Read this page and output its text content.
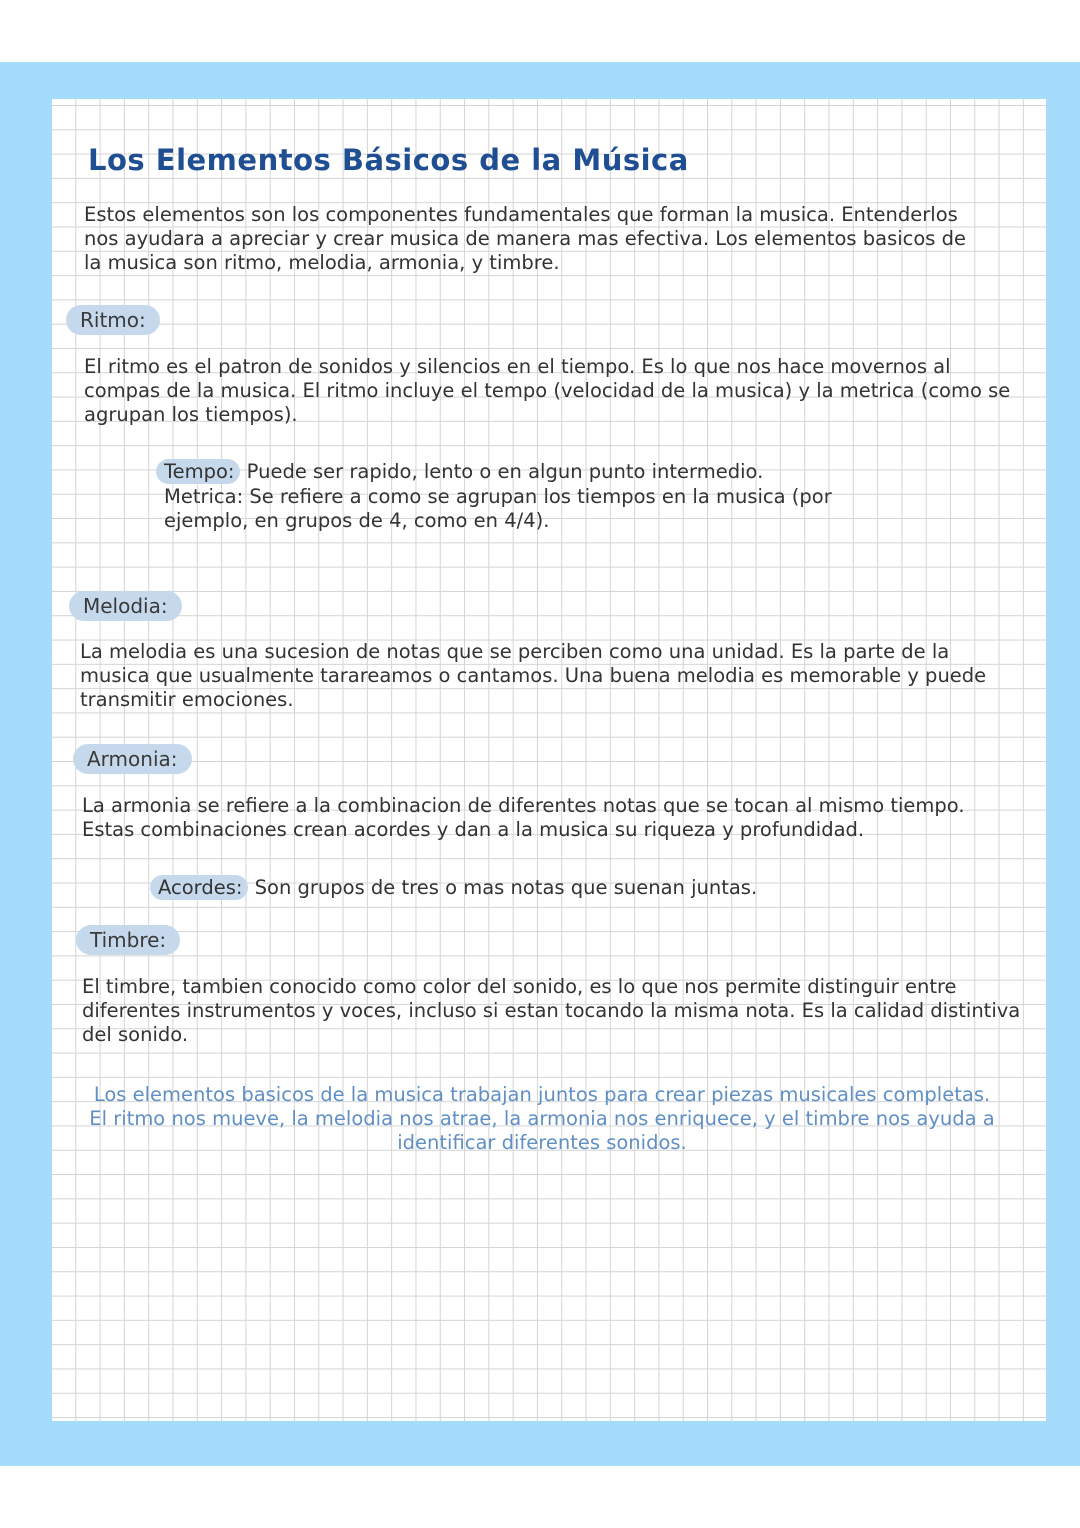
Los Elementos Básicos de la Música

Estos elementos son los componentes fundamentales que forman la musica. Entenderlos nos ayudara a apreciar y crear musica de manera mas efectiva. Los elementos basicos de la musica son ritmo, melodia, armonia, y timbre.

Ritmo:

El ritmo es el patron de sonidos y silencios en el tiempo. Es lo que nos hace movernos al compas de la musica. El ritmo incluye el tempo (velocidad de la musica) y la metrica (como se agrupan los tiempos).

Tempo: Puede ser rapido, lento o en algun punto intermedio.

Metrica: Se refiere a como se agrupan los tiempos en la musica (por ejemplo, en grupos de 4, como en 4/4).

Melodia:

La melodia es una sucesion de notas que se perciben como una unidad. Es la parte de la musica que usualmente tarareamos o cantamos. Una buena melodia es memorable y puede transmitir emociones.

Armonia:

La armonia se refiere a la combinacion de diferentes notas que se tocan al mismo tiempo. Estas combinaciones crean acordes y dan a la musica su riqueza y profundidad.

Acordes: Son grupos de tres o mas notas que suenan juntas.

Timbre:

El timbre, tambien conocido como color del sonido, es lo que nos permite distinguir entre diferentes instrumentos y voces, incluso si estan tocando la misma nota. Es la calidad distintiva del sonido.

Los elementos basicos de la musica trabajan juntos para crear piezas musicales completas. El ritmo nos mueve, la melodia nos atrae, la armonia nos enriquece, y el timbre nos ayuda a identificar diferentes sonidos.
